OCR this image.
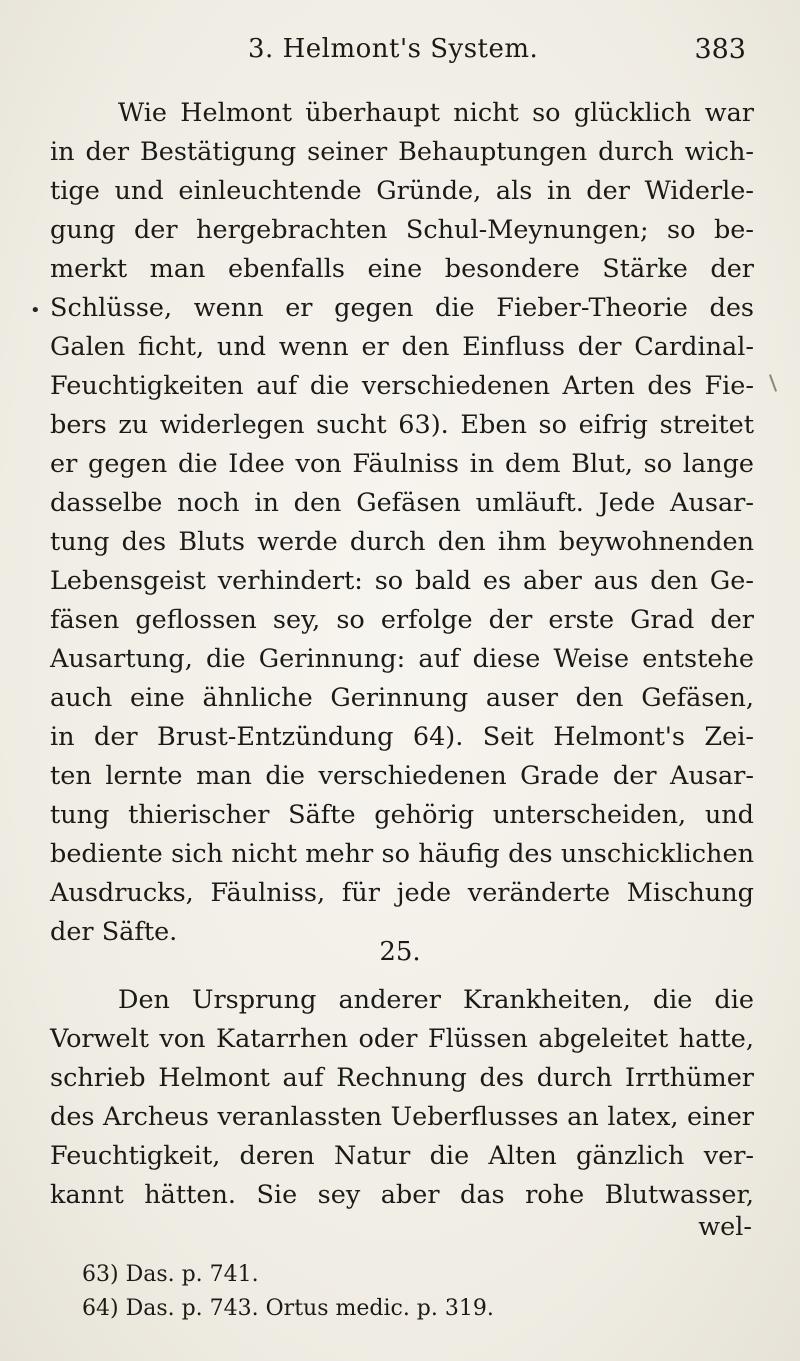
3. Helmont's System.	383
•
Wie Helmont überhaupt nicht so glücklich war
in der Bestätigung seiner Behauptungen durch wich-
tige und einleuchtende Gründe, als in der Widerle-
gung der hergebrachten Schul-Meynungen; so be-
merkt man ebenfalls eine besondere Stärke der
Schlüsse, wenn er gegen die Fieber-Theorie des
Galen ficht, und wenn er den Einfluss der Cardinal-
Feuchtigkeiten auf die verschiedenen Arten des Fie-
bers zu widerlegen sucht 63). Eben so eifrig streitet
er gegen die Idee von Fäulniss in dem Blut, so lange
dasselbe noch in den Gefäsen umläuft. Jede Ausar-
tung des Bluts werde durch den ihm beywohnenden
Lebensgeist verhindert: so bald es aber aus den Ge-
fäsen geflossen sey, so erfolge der erste Grad der
Ausartung, die Gerinnung: auf diese Weise entstehe
auch eine ähnliche Gerinnung auser den Gefäsen,
in der Brust-Entzündung 64). Seit Helmont's Zei-
ten lernte man die verschiedenen Grade der Ausar-
tung thierischer Säfte gehörig unterscheiden, und
bediente sich nicht mehr so häufig des unschicklichen
Ausdrucks, Fäulniss, für jede veränderte Mischung
der Säfte.
25.
Den Ursprung anderer Krankheiten, die die
Vorwelt von Katarrhen oder Flüssen abgeleitet hatte,
schrieb Helmont auf Rechnung des durch Irrthümer
des Archeus veranlassten Ueberflusses an latex, einer
Feuchtigkeit, deren Natur die Alten gänzlich ver-
kannt hätten. Sie sey aber das rohe Blutwasser,
wel-
63) Das. p. 741.
64) Das. p. 743. Ortus medic. p. 319.
